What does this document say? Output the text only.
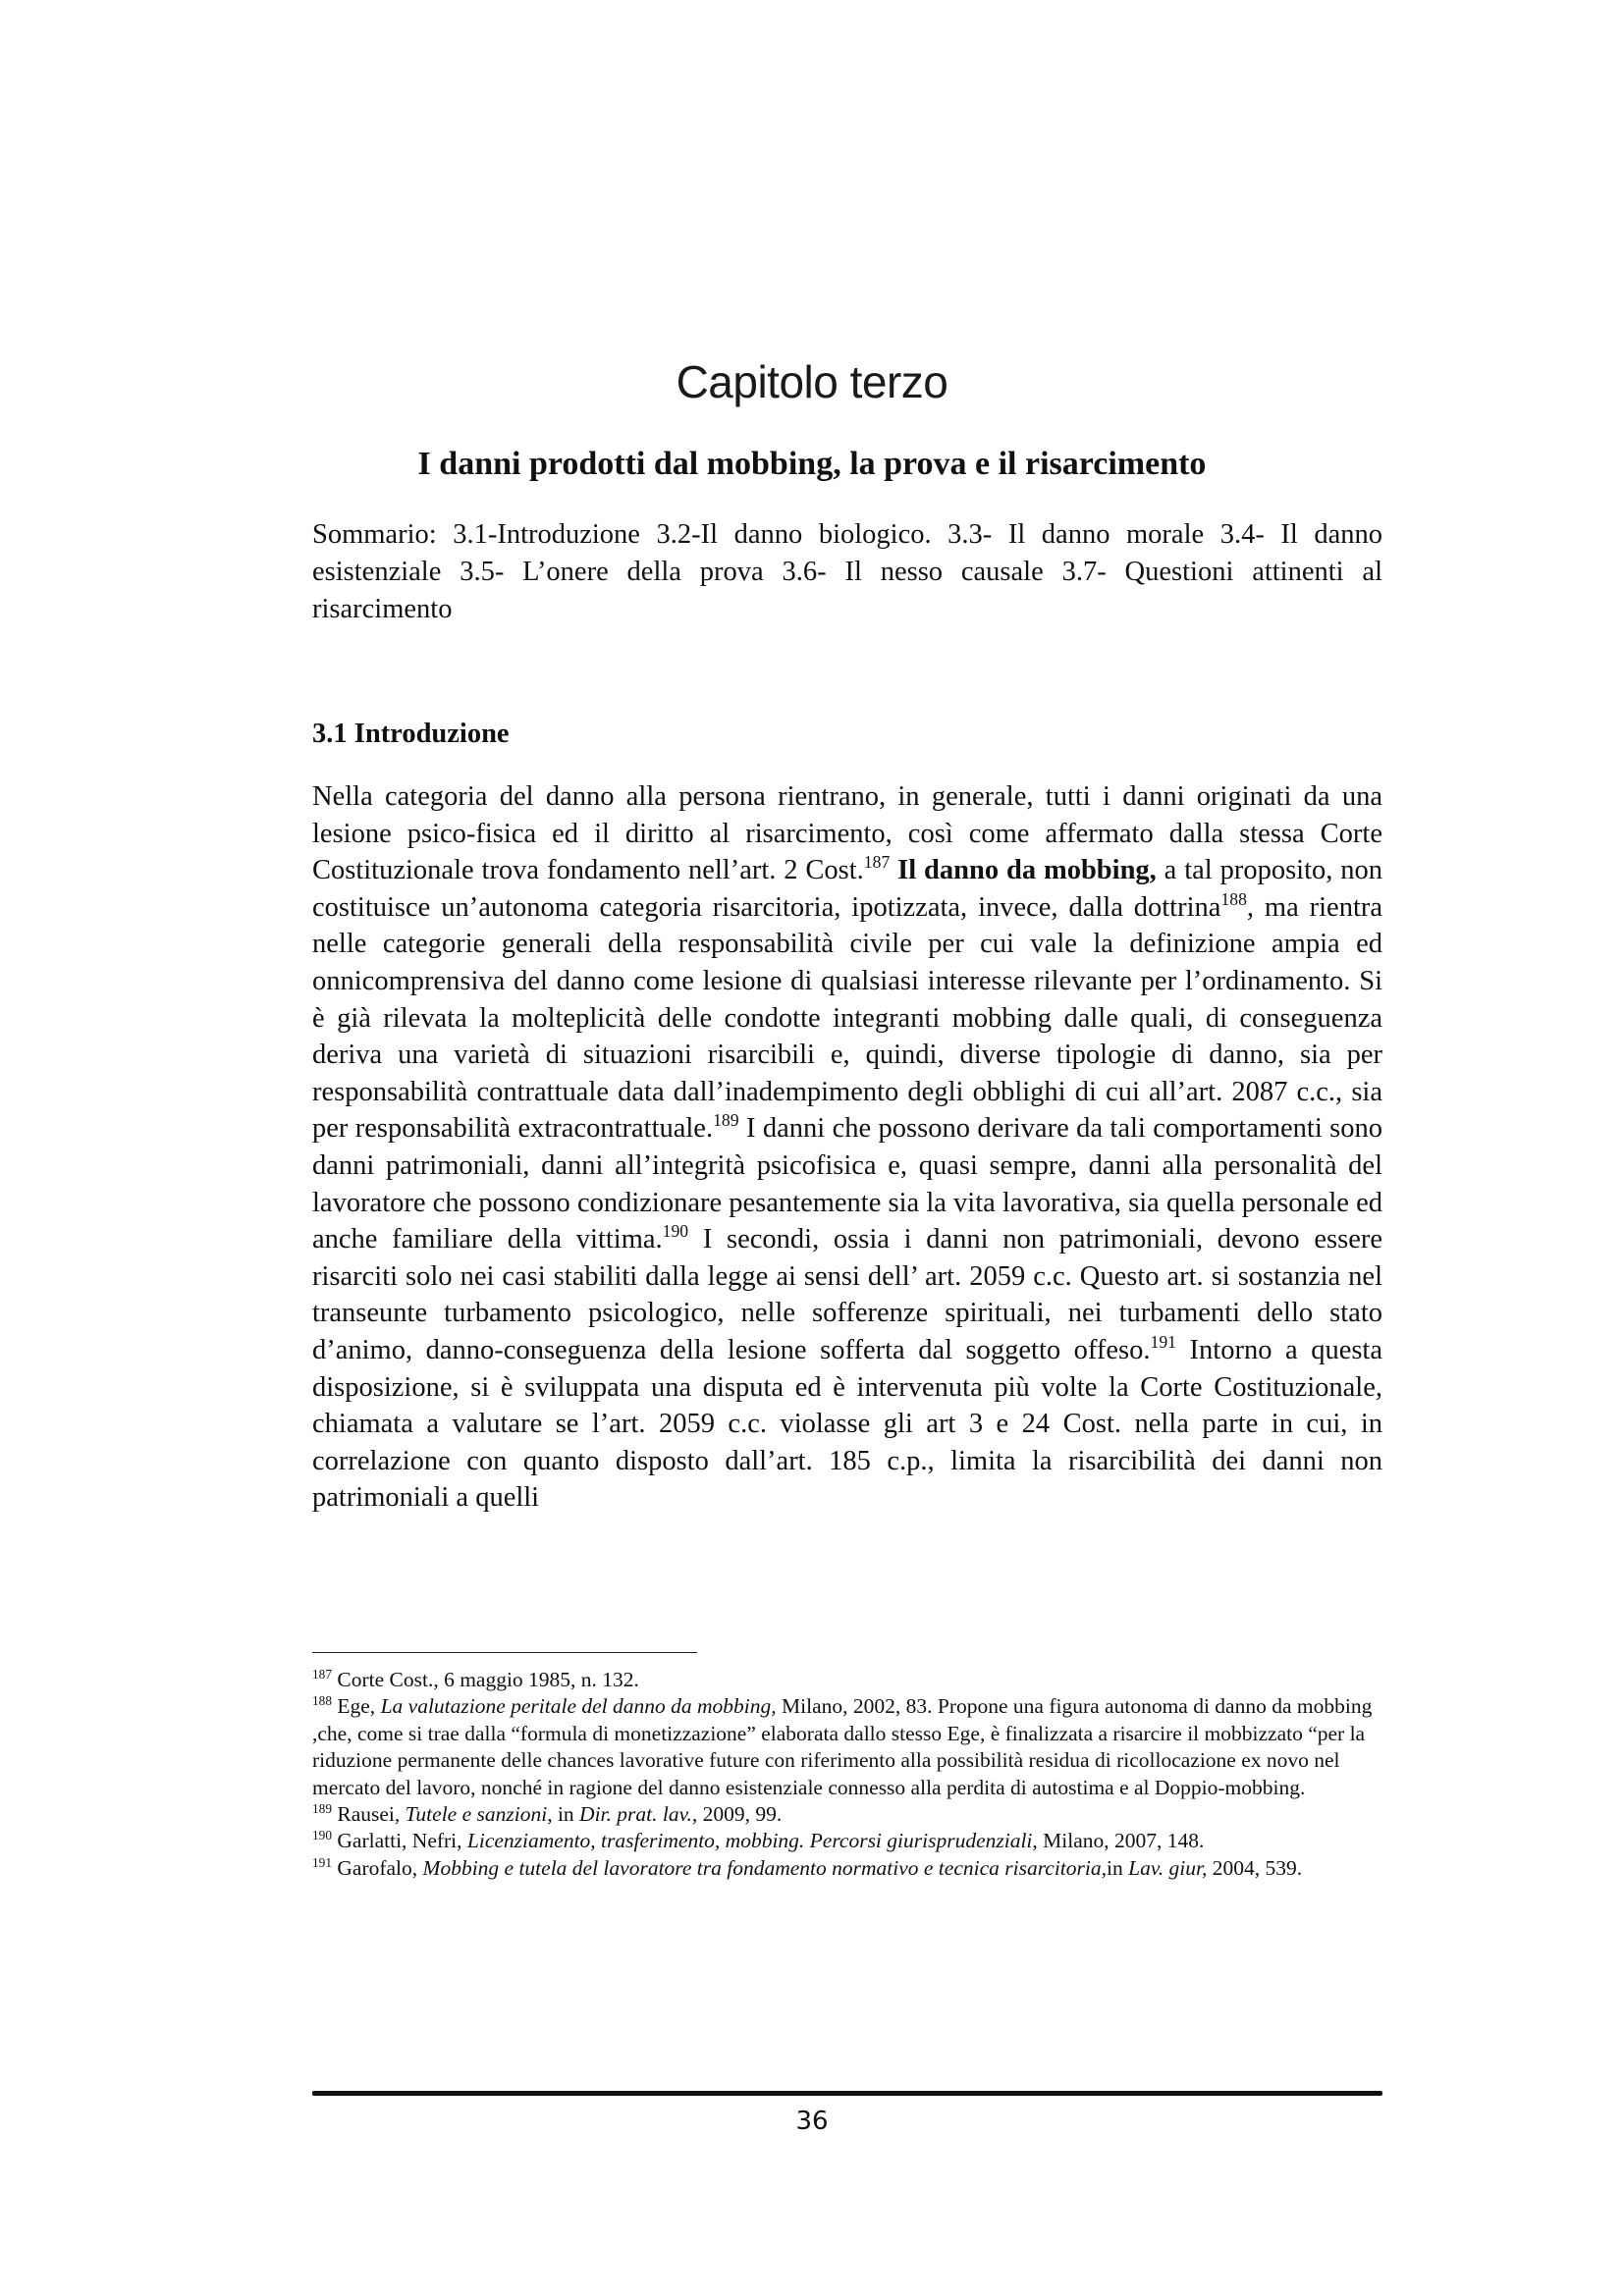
Capitolo terzo
I danni prodotti dal mobbing, la prova e il risarcimento
Sommario: 3.1-Introduzione 3.2-Il danno biologico. 3.3- Il danno morale 3.4- Il danno esistenziale 3.5- L’onere della prova 3.6- Il nesso causale 3.7- Questioni attinenti al risarcimento
3.1 Introduzione
Nella categoria del danno alla persona rientrano, in generale, tutti i danni originati da una lesione psico-fisica ed il diritto al risarcimento, così come affermato dalla stessa Corte Costituzionale trova fondamento nell’art. 2 Cost.$^{187}$ Il danno da mobbing, a tal proposito, non costituisce un’autonoma categoria risarcitoria, ipotizzata, invece, dalla dottrina$^{188}$, ma rientra nelle categorie generali della responsabilità civile per cui vale la definizione ampia ed onnicomprensiva del danno come lesione di qualsiasi interesse rilevante per l’ordinamento. Si è già rilevata la molteplicità delle condotte integranti mobbing dalle quali, di conseguenza deriva una varietà di situazioni risarcibili e, quindi, diverse tipologie di danno, sia per responsabilità contrattuale data dall’inadempimento degli obblighi di cui all’art. 2087 c.c., sia per responsabilità extracontrattuale.$^{189}$ I danni che possono derivare da tali comportamenti sono danni patrimoniali, danni all’integrità psicofisica e, quasi sempre, danni alla personalità del lavoratore che possono condizionare pesantemente sia la vita lavorativa, sia quella personale ed anche familiare della vittima.$^{190}$ I secondi, ossia i danni non patrimoniali, devono essere risarciti solo nei casi stabiliti dalla legge ai sensi dell’ art. 2059 c.c. Questo art. si sostanzia nel transeunte turbamento psicologico, nelle sofferenze spirituali, nei turbamenti dello stato d’animo, danno-conseguenza della lesione sofferta dal soggetto offeso.$^{191}$ Intorno a questa disposizione, si è sviluppata una disputa ed è intervenuta più volte la Corte Costituzionale, chiamata a valutare se l’art. 2059 c.c. violasse gli art 3 e 24 Cost. nella parte in cui, in correlazione con quanto disposto dall’art. 185 c.p., limita la risarcibilità dei danni non patrimoniali a quelli

$^{187}$ Corte Cost., 6 maggio 1985, n. 132.

$^{188}$ Ege, La valutazione peritale del danno da mobbing, Milano, 2002, 83. Propone una figura autonoma di danno da mobbing ,che, come si trae dalla “formula di monetizzazione” elaborata dallo stesso Ege, è finalizzata a risarcire il mobbizzato “per la riduzione permanente delle chances lavorative future con riferimento alla possibilità residua di ricollocazione ex novo nel mercato del lavoro, nonché in ragione del danno esistenziale connesso alla perdita di autostima e al Doppio-mobbing.

$^{189}$ Rausei, Tutele e sanzioni, in Dir. prat. lav., 2009, 99.

$^{190}$ Garlatti, Nefri, Licenziamento, trasferimento, mobbing. Percorsi giurisprudenziali, Milano, 2007, 148.

$^{191}$ Garofalo, Mobbing e tutela del lavoratore tra fondamento normativo e tecnica risarcitoria,in Lav. giur, 2004, 539.

36
